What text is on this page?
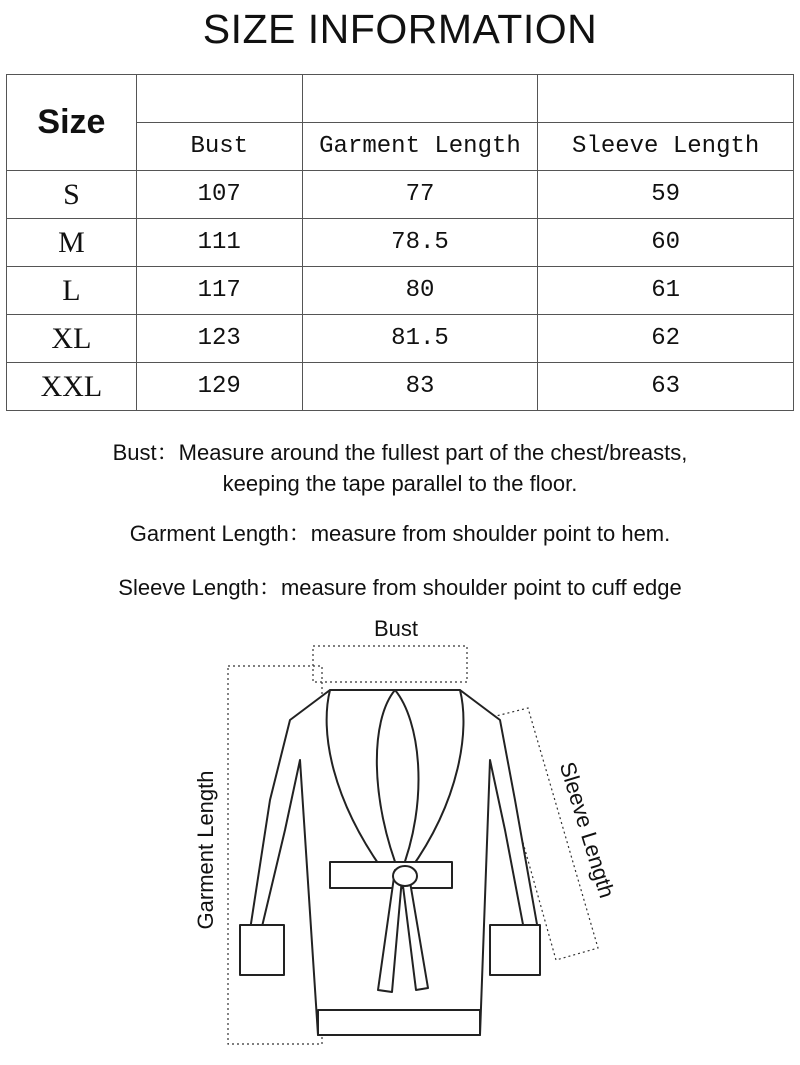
SIZE INFORMATION
Size			
	Bust	Garment Length	Sleeve Length
S	107	77	59
M	111	78.5	60
L	117	80	61
XL	123	81.5	62
XXL	129	83	63
Bust：Measure around the fullest part of the chest/breasts,
keeping the tape parallel to the floor.
Garment Length：measure from shoulder point to hem.
Sleeve Length：measure from shoulder point to cuff edge
Bust
Garment Length	Sleeve Length
